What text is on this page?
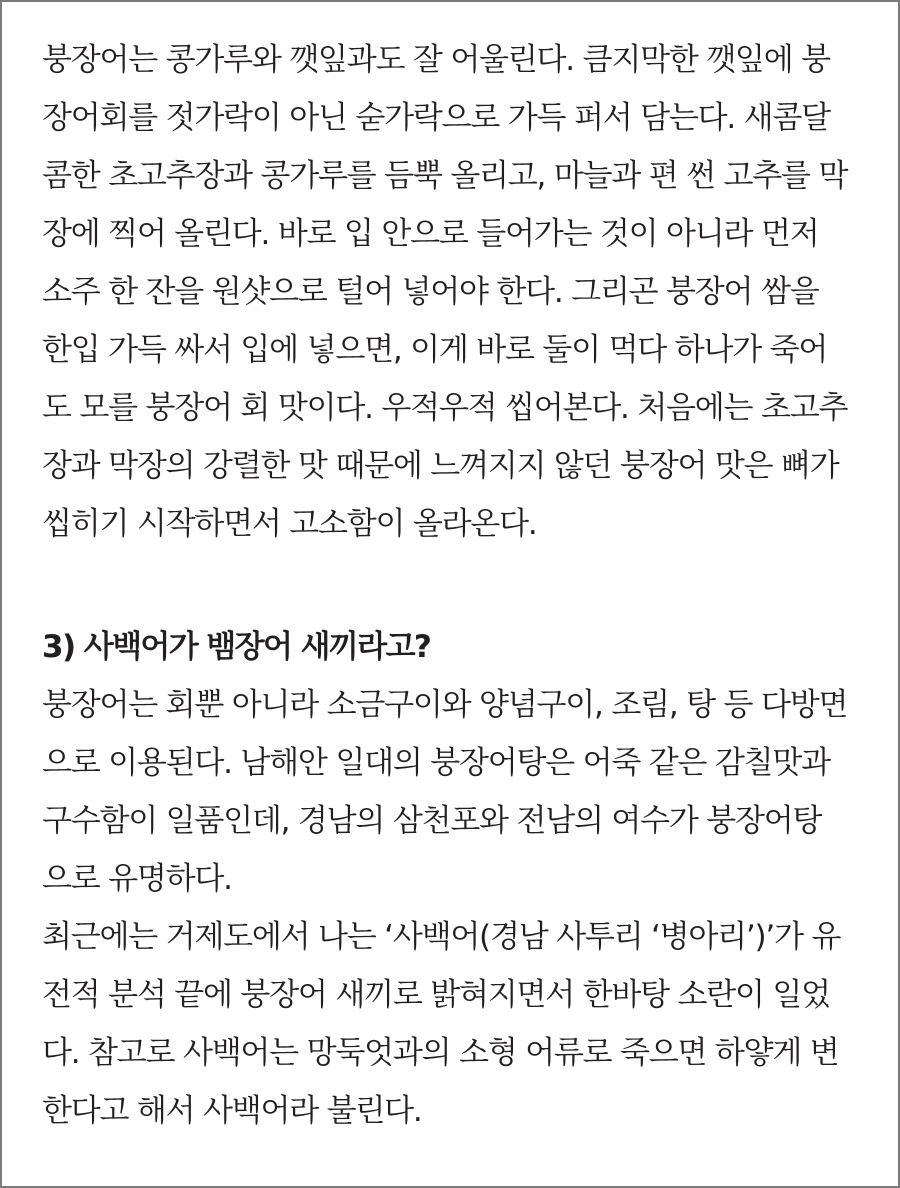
붕장어는 콩가루와 깻잎과도 잘 어울린다. 큼지막한 깻잎에 붕
장어회를 젓가락이 아닌 숟가락으로 가득 퍼서 담는다. 새콤달
콤한 초고추장과 콩가루를 듬뿍 올리고, 마늘과 편 썬 고추를 막
장에 찍어 올린다. 바로 입 안으로 들어가는 것이 아니라 먼저
소주 한 잔을 원샷으로 털어 넣어야 한다. 그리곤 붕장어 쌈을
한입 가득 싸서 입에 넣으면, 이게 바로 둘이 먹다 하나가 죽어
도 모를 붕장어 회 맛이다. 우적우적 씹어본다. 처음에는 초고추
장과 막장의 강렬한 맛 때문에 느껴지지 않던 붕장어 맛은 뼈가
씹히기 시작하면서 고소함이 올라온다.
3) 사백어가 뱀장어 새끼라고?
붕장어는 회뿐 아니라 소금구이와 양념구이, 조림, 탕 등 다방면
으로 이용된다. 남해안 일대의 붕장어탕은 어죽 같은 감칠맛과
구수함이 일품인데, 경남의 삼천포와 전남의 여수가 붕장어탕
으로 유명하다.
최근에는 거제도에서 나는 ‘사백어(경남 사투리 ‘병아리’)’가 유
전적 분석 끝에 붕장어 새끼로 밝혀지면서 한바탕 소란이 일었
다. 참고로 사백어는 망둑엇과의 소형 어류로 죽으면 하얗게 변
한다고 해서 사백어라 불린다.
